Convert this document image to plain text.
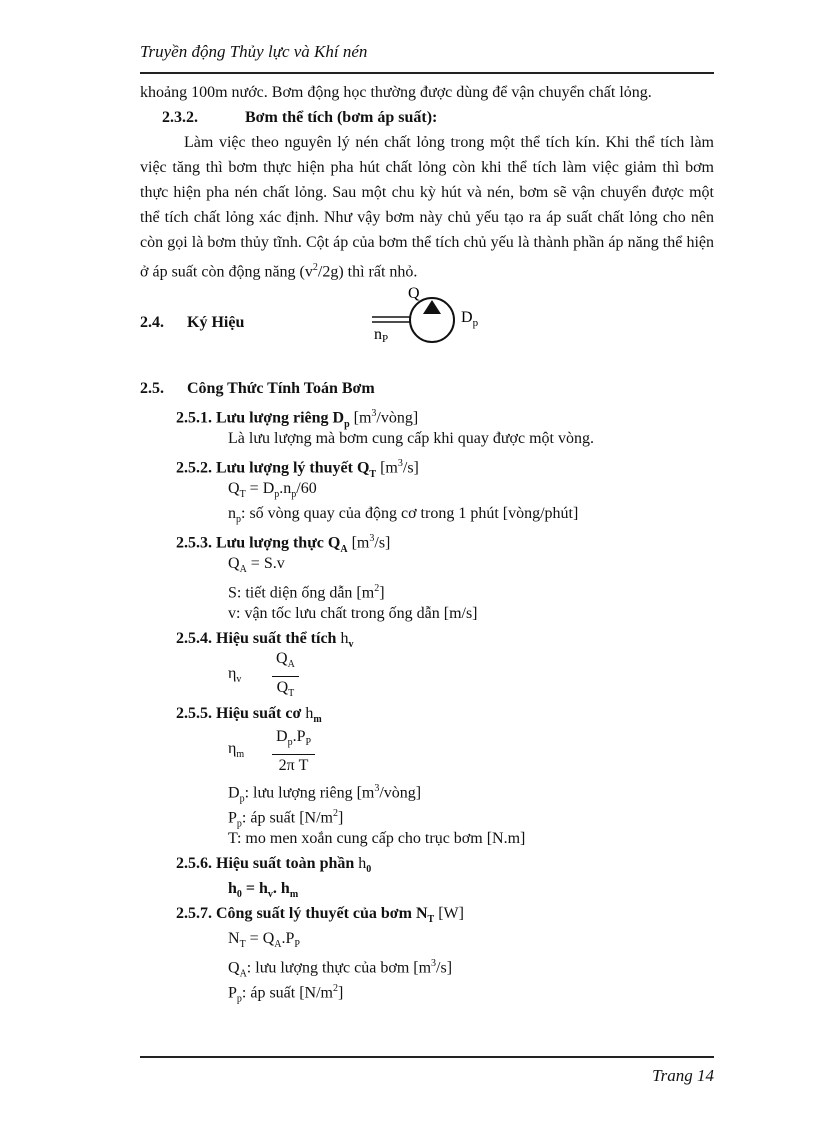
Truyền động Thủy lực và Khí nén

khoảng 100m nước. Bơm động học thường được dùng để vận chuyển chất lỏng.

2.3.2.	Bơm thể tích (bơm áp suất):

Làm việc theo nguyên lý nén chất lỏng trong một thể tích kín. Khi thể tích làm việc tăng thì bơm thực hiện pha hút chất lỏng còn khi thể tích làm việc giảm thì bơm thực hiện pha nén chất lỏng. Sau một chu kỳ hút và nén, bơm sẽ vận chuyển được một thể tích chất lỏng xác định. Như vậy bơm này chủ yếu tạo ra áp suất chất lỏng cho nên còn gọi là bơm thủy tĩnh. Cột áp của bơm thể tích chủ yếu là thành phần áp năng thể hiện ở áp suất còn động năng $(v^2/2g)$ thì rất nhỏ.

2.4. Ký Hiệu
Q
$D_p$
nP
2.5. Công Thức Tính Toán Bơm
2.5.1. Lưu lượng riêng $D_p$ $[m^3/vòng]$
Là lưu lượng mà bơm cung cấp khi quay được một vòng.
2.5.2. Lưu lượng lý thuyết $Q_T$ $[m^3/s]$
$Q_T = D_p.n_p/60$
$n_p$: số vòng quay của động cơ trong 1 phút [vòng/phút]
2.5.3. Lưu lượng thực $Q_A$ $[m^3/s]$
$Q_A = S.v$
S: tiết diện ống dẫn $[m^2]$
v: vận tốc lưu chất trong ống dẫn [m/s]
2.5.4. Hiệu suất thể tích $h_v$
$\eta_v$	$\frac{Q_A}{Q_T}$
2.5.5. Hiệu suất cơ $h_m$
$\eta_m$	$\frac{D_p.P_P}{\text{2π T}}$
$D_p$: lưu lượng riêng $[m^3/vòng]$
$P_p$: áp suất $[N/m^2]$
T: mo men xoắn cung cấp cho trục bơm [N.m]
2.5.6. Hiệu suất toàn phần $h_0$
$h_0 = h_v$. $h_m$
2.5.7. Công suất lý thuyết của bơm $N_T$ [W]
$N_T = Q_A.P_P$
$Q_A$: lưu lượng thực của bơm $[m^3/s]$
$P_p$: áp suất $[N/m^2]$
Trang 14
